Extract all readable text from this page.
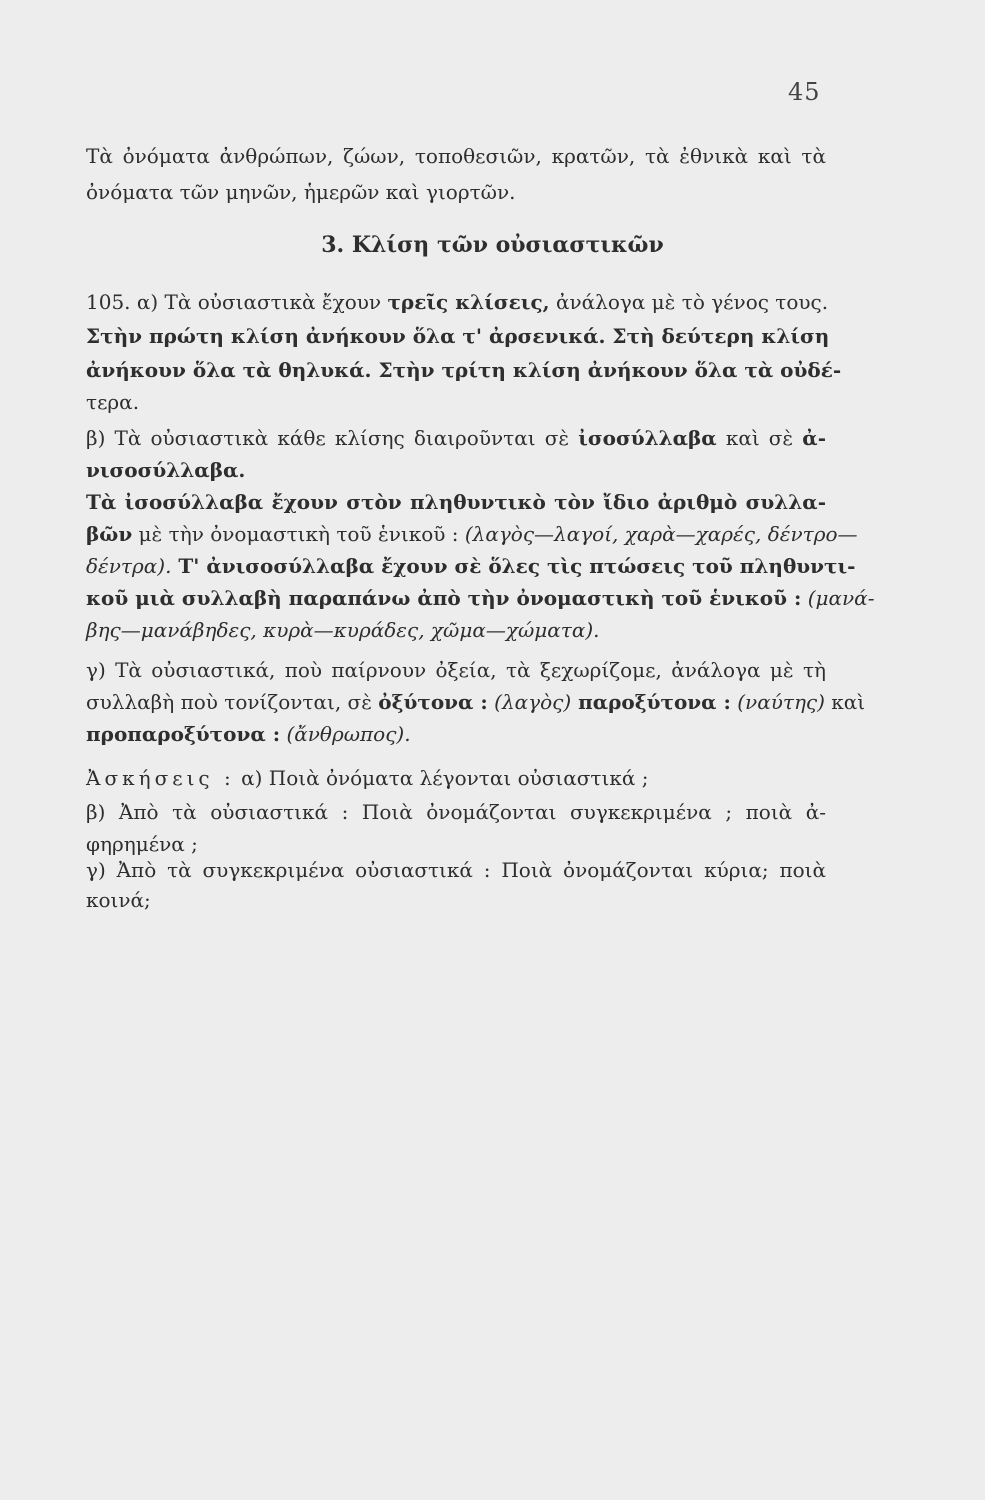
45
Τὰ ὀνόματα ἀνθρώπων, ζώων, τοποθεσιῶν, κρατῶν, τὰ ἐθνικὰ καὶ τὰ
ὀνόματα τῶν μηνῶν, ἡμερῶν καὶ γιορτῶν.
3. Κλίση τῶν οὐσιαστικῶν
105. α) Τὰ οὐσιαστικὰ ἔχουν τρεῖς κλίσεις, ἀνάλογα μὲ τὸ γένος τους.
Στὴν πρώτη κλίση ἀνήκουν ὅλα τ' ἀρσενικά. Στὴ δεύτερη κλίση
ἀνήκουν ὅλα τὰ θηλυκά. Στὴν τρίτη κλίση ἀνήκουν ὅλα τὰ οὐδέ-
τερα.
β) Τὰ οὐσιαστικὰ κάθε κλίσης διαιροῦνται σὲ ἰσοσύλλαβα καὶ σὲ ἀ-
νισοσύλλαβα.
Τὰ ἰσοσύλλαβα ἔχουν στὸν πληθυντικὸ τὸν ἴδιο ἀριθμὸ συλλα-
βῶν μὲ τὴν ὀνομαστικὴ τοῦ ἑνικοῦ : (λαγὸς—λαγοί, χαρὰ—χαρές, δέντρο—
δέντρα). Τ' ἀνισοσύλλαβα ἔχουν σὲ ὅλες τὶς πτώσεις τοῦ πληθυντι-
κοῦ μιὰ συλλαβὴ παραπάνω ἀπὸ τὴν ὀνομαστικὴ τοῦ ἑνικοῦ : (μανά-
βης—μανάβηδες, κυρὰ—κυράδες, χῶμα—χώματα).
γ) Τὰ οὐσιαστικά, ποὺ παίρνουν ὀξεία, τὰ ξεχωρίζομε, ἀνάλογα μὲ τὴ
συλλαβὴ ποὺ τονίζονται, σὲ ὀξύτονα : (λαγὸς) παροξύτονα : (ναύτης) καὶ
προπαροξύτονα : (ἄνθρωπος).
Ἀσκήσεις : α) Ποιὰ ὀνόματα λέγονται οὐσιαστικά ;
β) Ἀπὸ τὰ οὐσιαστικά : Ποιὰ ὀνομάζονται συγκεκριμένα ; ποιὰ ἀ-
φηρημένα ;
γ) Ἀπὸ τὰ συγκεκριμένα οὐσιαστικά : Ποιὰ ὀνομάζονται κύρια; ποιὰ
κοινά;
